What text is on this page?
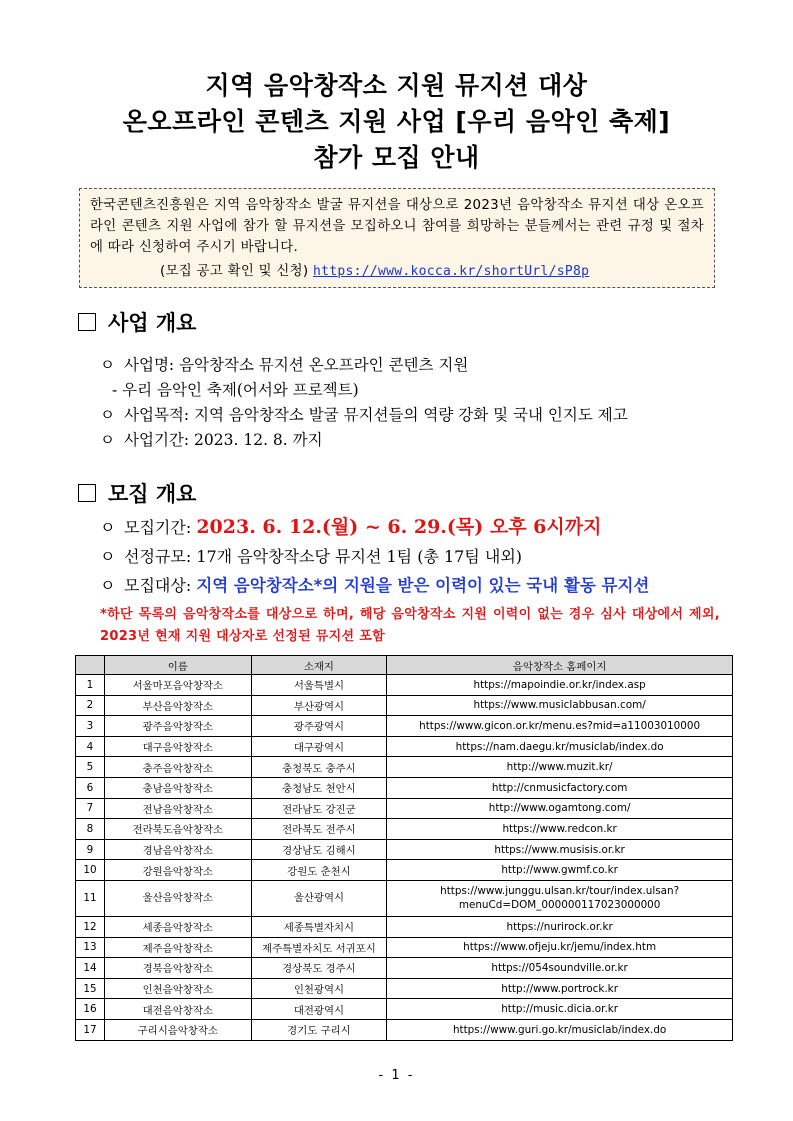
지역 음악창작소 지원 뮤지션 대상
온오프라인 콘텐츠 지원 사업 [우리 음악인 축제]
참가 모집 안내
한국콘텐츠진흥원은 지역 음악창작소 발굴 뮤지션을 대상으로 2023년 음악창작소 뮤지션 대상 온오프라인 콘텐츠 지원 사업에 참가 할 뮤지션을 모집하오니 참여를 희망하는 분들께서는 관련 규정 및 절차에 따라 신청하여 주시기 바랍니다.
(모집 공고 확인 및 신청) https://www.kocca.kr/shortUrl/sP8p
사업 개요
ㅇ 사업명: 음악창작소 뮤지션 온오프라인 콘텐츠 지원
- 우리 음악인 축제(어서와 프로젝트)
ㅇ 사업목적: 지역 음악창작소 발굴 뮤지션들의 역량 강화 및 국내 인지도 제고
ㅇ 사업기간: 2023. 12. 8. 까지
모집 개요
ㅇ 모집기간: 2023. 6. 12.(월) ~ 6. 29.(목) 오후 6시까지
ㅇ 선정규모: 17개 음악창작소당 뮤지션 1팀 (총 17팀 내외)
ㅇ 모집대상: 지역 음악창작소*의 지원을 받은 이력이 있는 국내 활동 뮤지션
*하단 목록의 음악창작소를 대상으로 하며, 해당 음악창작소 지원 이력이 없는 경우 심사 대상에서 제외, 2023년 현재 지원 대상자로 선정된 뮤지션 포함
	이름	소재지	음악창작소 홈페이지
1	서울마포음악창작소	서울특별시	https://mapoindie.or.kr/index.asp
2	부산음악창작소	부산광역시	https://www.musiclabbusan.com/
3	광주음악창작소	광주광역시	https://www.gicon.or.kr/menu.es?mid=a11003010000
4	대구음악창작소	대구광역시	https://nam.daegu.kr/musiclab/index.do
5	충주음악창작소	충청북도 충주시	http://www.muzit.kr/
6	충남음악창작소	충청남도 천안시	http://cnmusicfactory.com
7	전남음악창작소	전라남도 강진군	http://www.ogamtong.com/
8	전라북도음악창작소	전라북도 전주시	https://www.redcon.kr
9	경남음악창작소	경상남도 김해시	https://www.musisis.or.kr
10	강원음악창작소	강원도 춘천시	http://www.gwmf.co.kr
11	울산음악창작소	울산광역시	https://www.junggu.ulsan.kr/tour/index.ulsan?menuCd=DOM_000000117023000000
12	세종음악창작소	세종특별자치시	https://nurirock.or.kr
13	제주음악창작소	제주특별자치도 서귀포시	https://www.ofjeju.kr/jemu/index.htm
14	경북음악창작소	경상북도 경주시	https://054soundville.or.kr
15	인천음악창작소	인천광역시	http://www.portrock.kr
16	대전음악창작소	대전광역시	http://music.dicia.or.kr
17	구리시음악창작소	경기도 구리시	https://www.guri.go.kr/musiclab/index.do
- 1 -
